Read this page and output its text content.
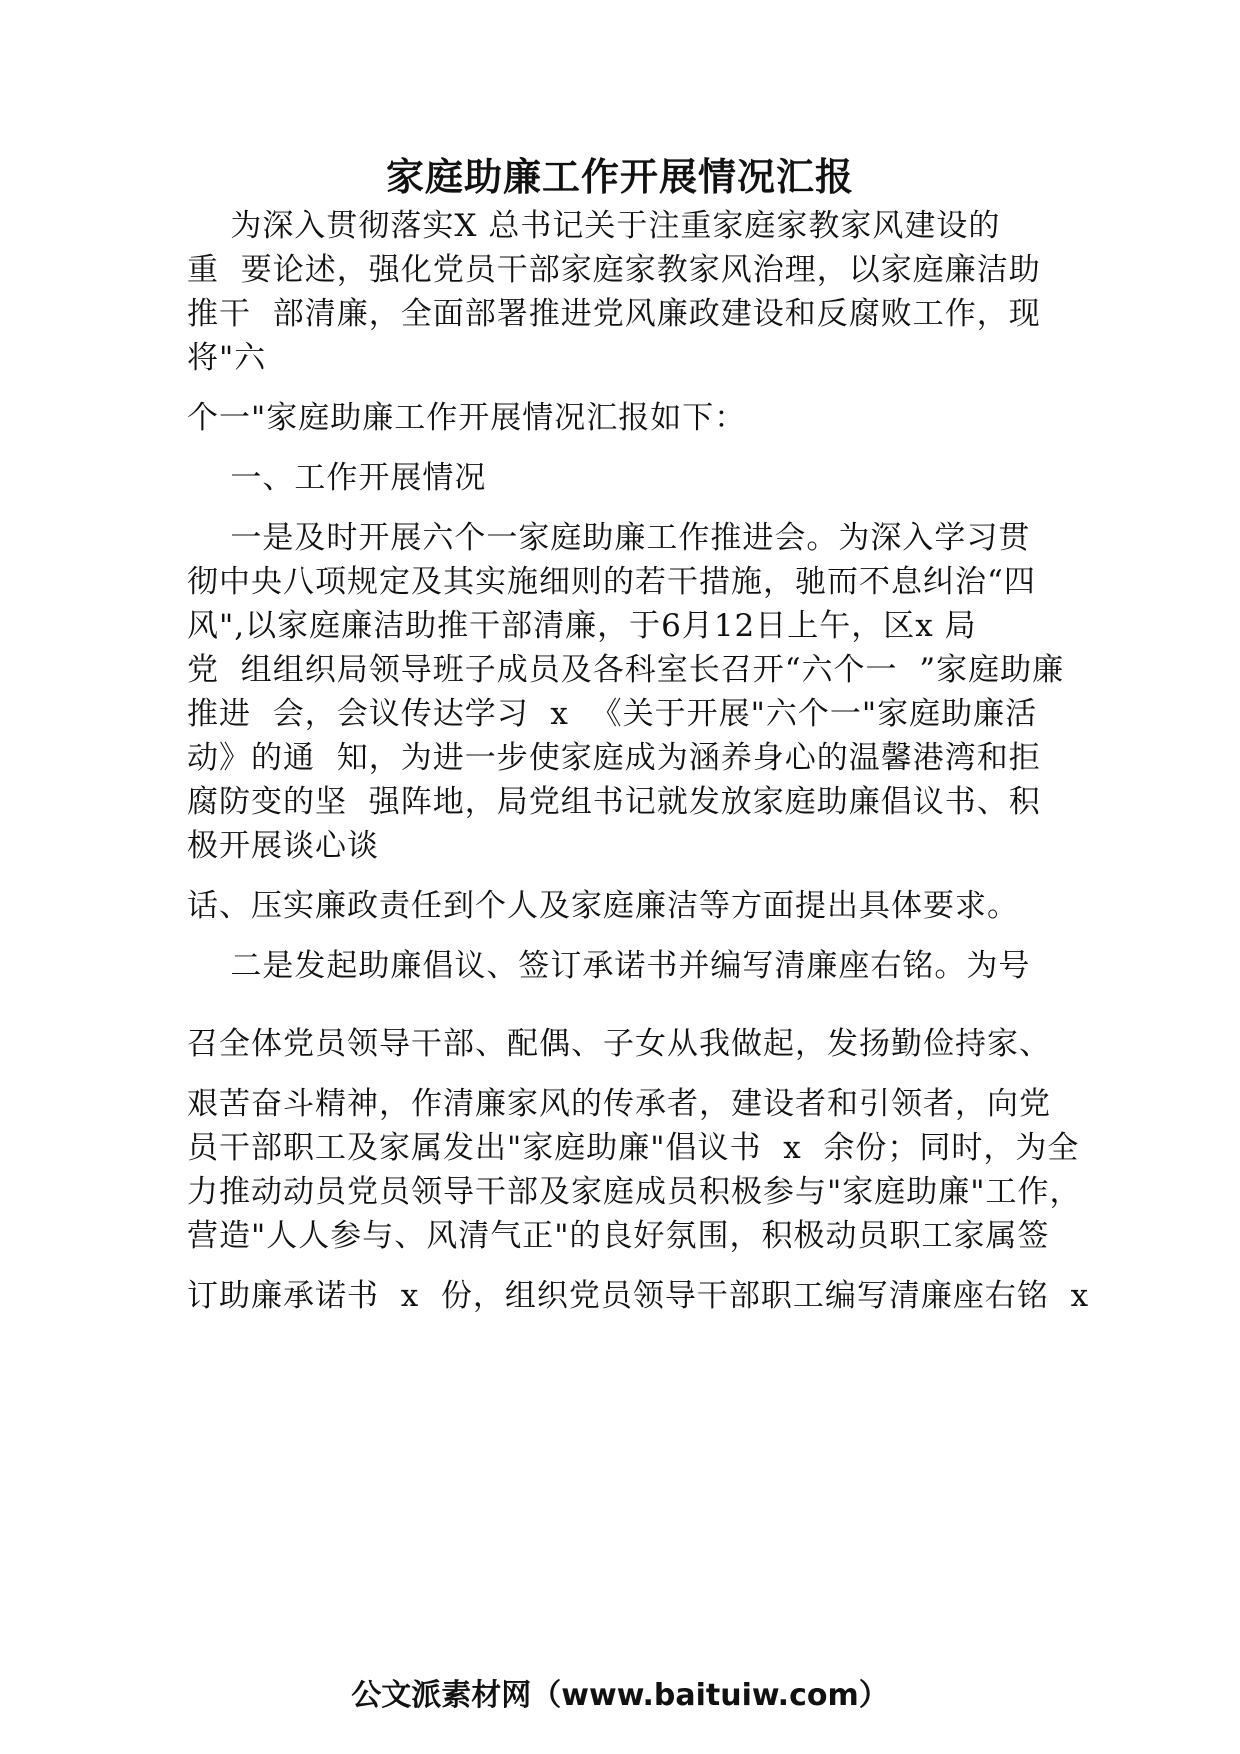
家庭助廉工作开展情况汇报

为深入贯彻落实X 总书记关于注重家庭家教家风建设的

重  要论述，强化党员干部家庭家教家风治理，以家庭廉洁助

推干  部清廉，全面部署推进党风廉政建设和反腐败工作，现

将"六

个一"家庭助廉工作开展情况汇报如下：

一、工作开展情况

一是及时开展六个一家庭助廉工作推进会。为深入学习贯

彻中央八项规定及其实施细则的若干措施，驰而不息纠治“四

风",以家庭廉洁助推干部清廉，于6月12日上午，区x 局

党  组组织局领导班子成员及各科室长召开“六个一  ”家庭助廉

推进  会，会议传达学习  x  《关于开展"六个一"家庭助廉活

动》的通  知，为进一步使家庭成为涵养身心的温馨港湾和拒

腐防变的坚  强阵地，局党组书记就发放家庭助廉倡议书、积

极开展谈心谈

话、压实廉政责任到个人及家庭廉洁等方面提出具体要求。

二是发起助廉倡议、签订承诺书并编写清廉座右铭。为号

召全体党员领导干部、配偶、子女从我做起，发扬勤俭持家、

艰苦奋斗精神，作清廉家风的传承者，建设者和引领者，向党

员干部职工及家属发出"家庭助廉"倡议书  x  余份；同时，为全

力推动动员党员领导干部及家庭成员积极参与"家庭助廉"工作，

营造"人人参与、风清气正"的良好氛围，积极动员职工家属签

订助廉承诺书  x  份，组织党员领导干部职工编写清廉座右铭  x

公文派素材网（www.baituiw.com）
